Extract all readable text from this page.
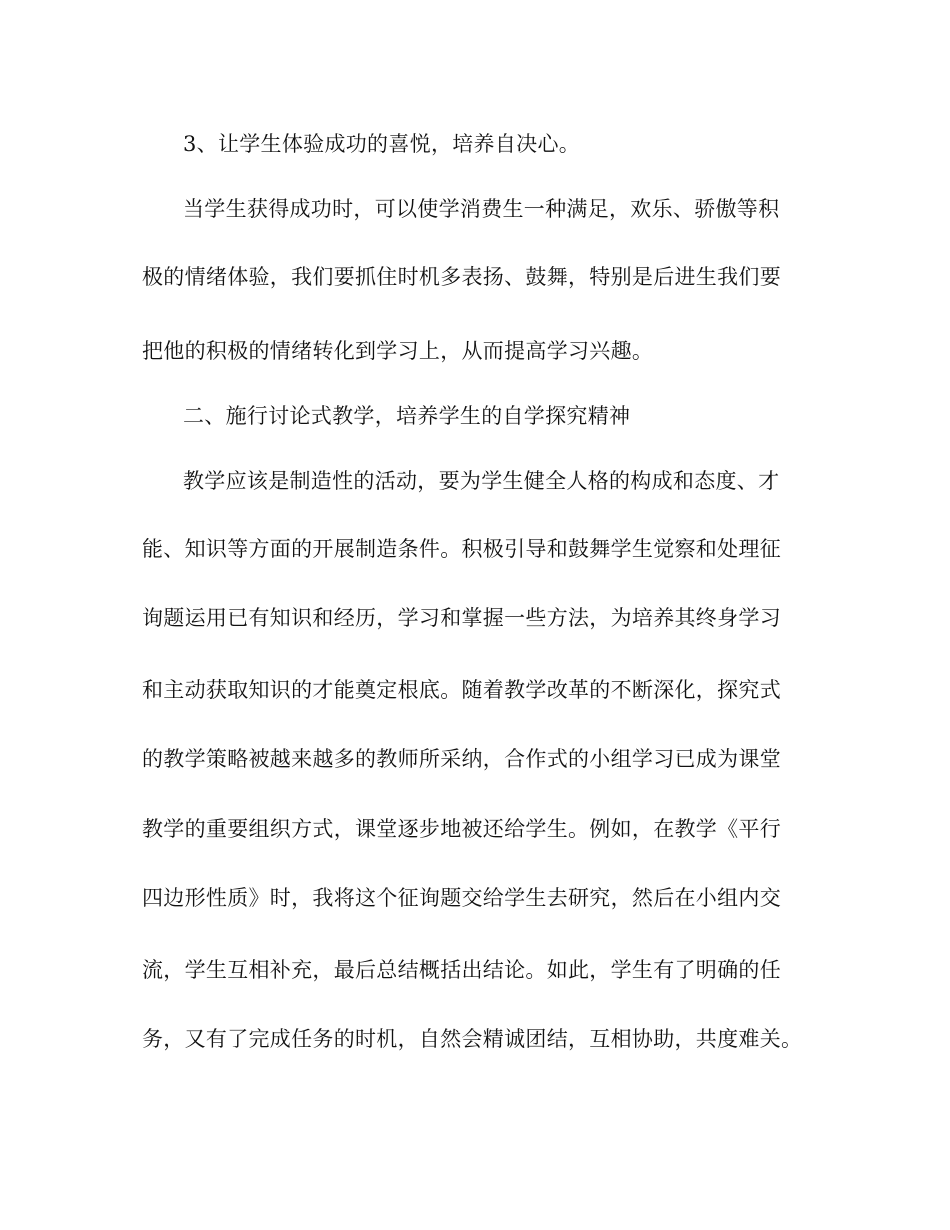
3、让学生体验成功的喜悦，培养自决心。
当学生获得成功时，可以使学消费生一种满足，欢乐、骄傲等积
极的情绪体验，我们要抓住时机多表扬、鼓舞，特别是后进生我们要
把他的积极的情绪转化到学习上，从而提高学习兴趣。
二、施行讨论式教学，培养学生的自学探究精神
教学应该是制造性的活动，要为学生健全人格的构成和态度、才
能、知识等方面的开展制造条件。积极引导和鼓舞学生觉察和处理征
询题运用已有知识和经历，学习和掌握一些方法，为培养其终身学习
和主动获取知识的才能奠定根底。随着教学改革的不断深化，探究式
的教学策略被越来越多的教师所采纳，合作式的小组学习已成为课堂
教学的重要组织方式，课堂逐步地被还给学生。例如，在教学《平行
四边形性质》时，我将这个征询题交给学生去研究，然后在小组内交
流，学生互相补充，最后总结概括出结论。如此，学生有了明确的任
务，又有了完成任务的时机，自然会精诚团结，互相协助，共度难关。
